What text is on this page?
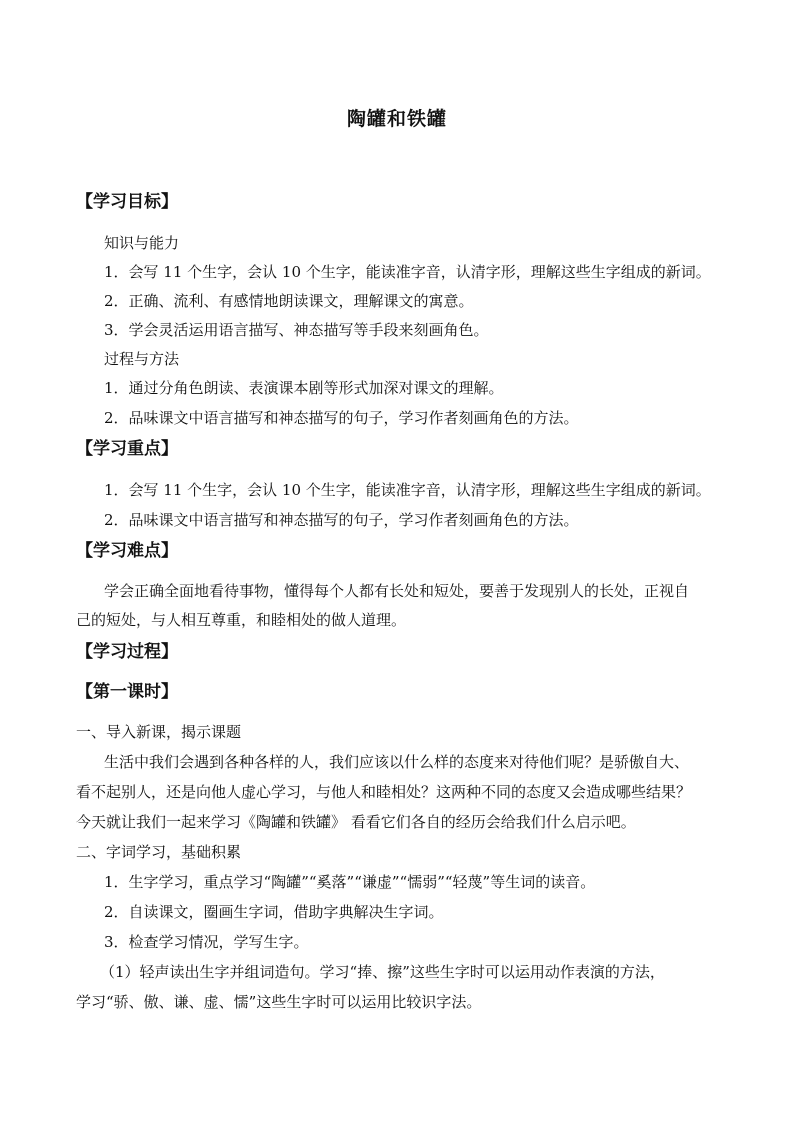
陶罐和铁罐
【学习目标】
知识与能力
1．会写 11 个生字，会认 10 个生字，能读准字音，认清字形，理解这些生字组成的新词。
2．正确、流利、有感情地朗读课文，理解课文的寓意。
3．学会灵活运用语言描写、神态描写等手段来刻画角色。
过程与方法
1．通过分角色朗读、表演课本剧等形式加深对课文的理解。
2．品味课文中语言描写和神态描写的句子，学习作者刻画角色的方法。
【学习重点】
1．会写 11 个生字，会认 10 个生字，能读准字音，认清字形，理解这些生字组成的新词。
2．品味课文中语言描写和神态描写的句子，学习作者刻画角色的方法。
【学习难点】
学会正确全面地看待事物，懂得每个人都有长处和短处，要善于发现别人的长处，正视自
己的短处，与人相互尊重，和睦相处的做人道理。
【学习过程】
【第一课时】
一、导入新课，揭示课题
生活中我们会遇到各种各样的人，我们应该以什么样的态度来对待他们呢？是骄傲自大、
看不起别人，还是向他人虚心学习，与他人和睦相处？这两种不同的态度又会造成哪些结果？
今天就让我们一起来学习《陶罐和铁罐》 看看它们各自的经历会给我们什么启示吧。
二、字词学习，基础积累
1．生字学习，重点学习“陶罐”“奚落”“谦虚”“懦弱”“轻蔑”等生词的读音。
2．自读课文，圈画生字词，借助字典解决生字词。
3．检查学习情况，学写生字。
（1）轻声读出生字并组词造句。学习“捧、擦”这些生字时可以运用动作表演的方法，
学习“骄、傲、谦、虚、懦”这些生字时可以运用比较识字法。
